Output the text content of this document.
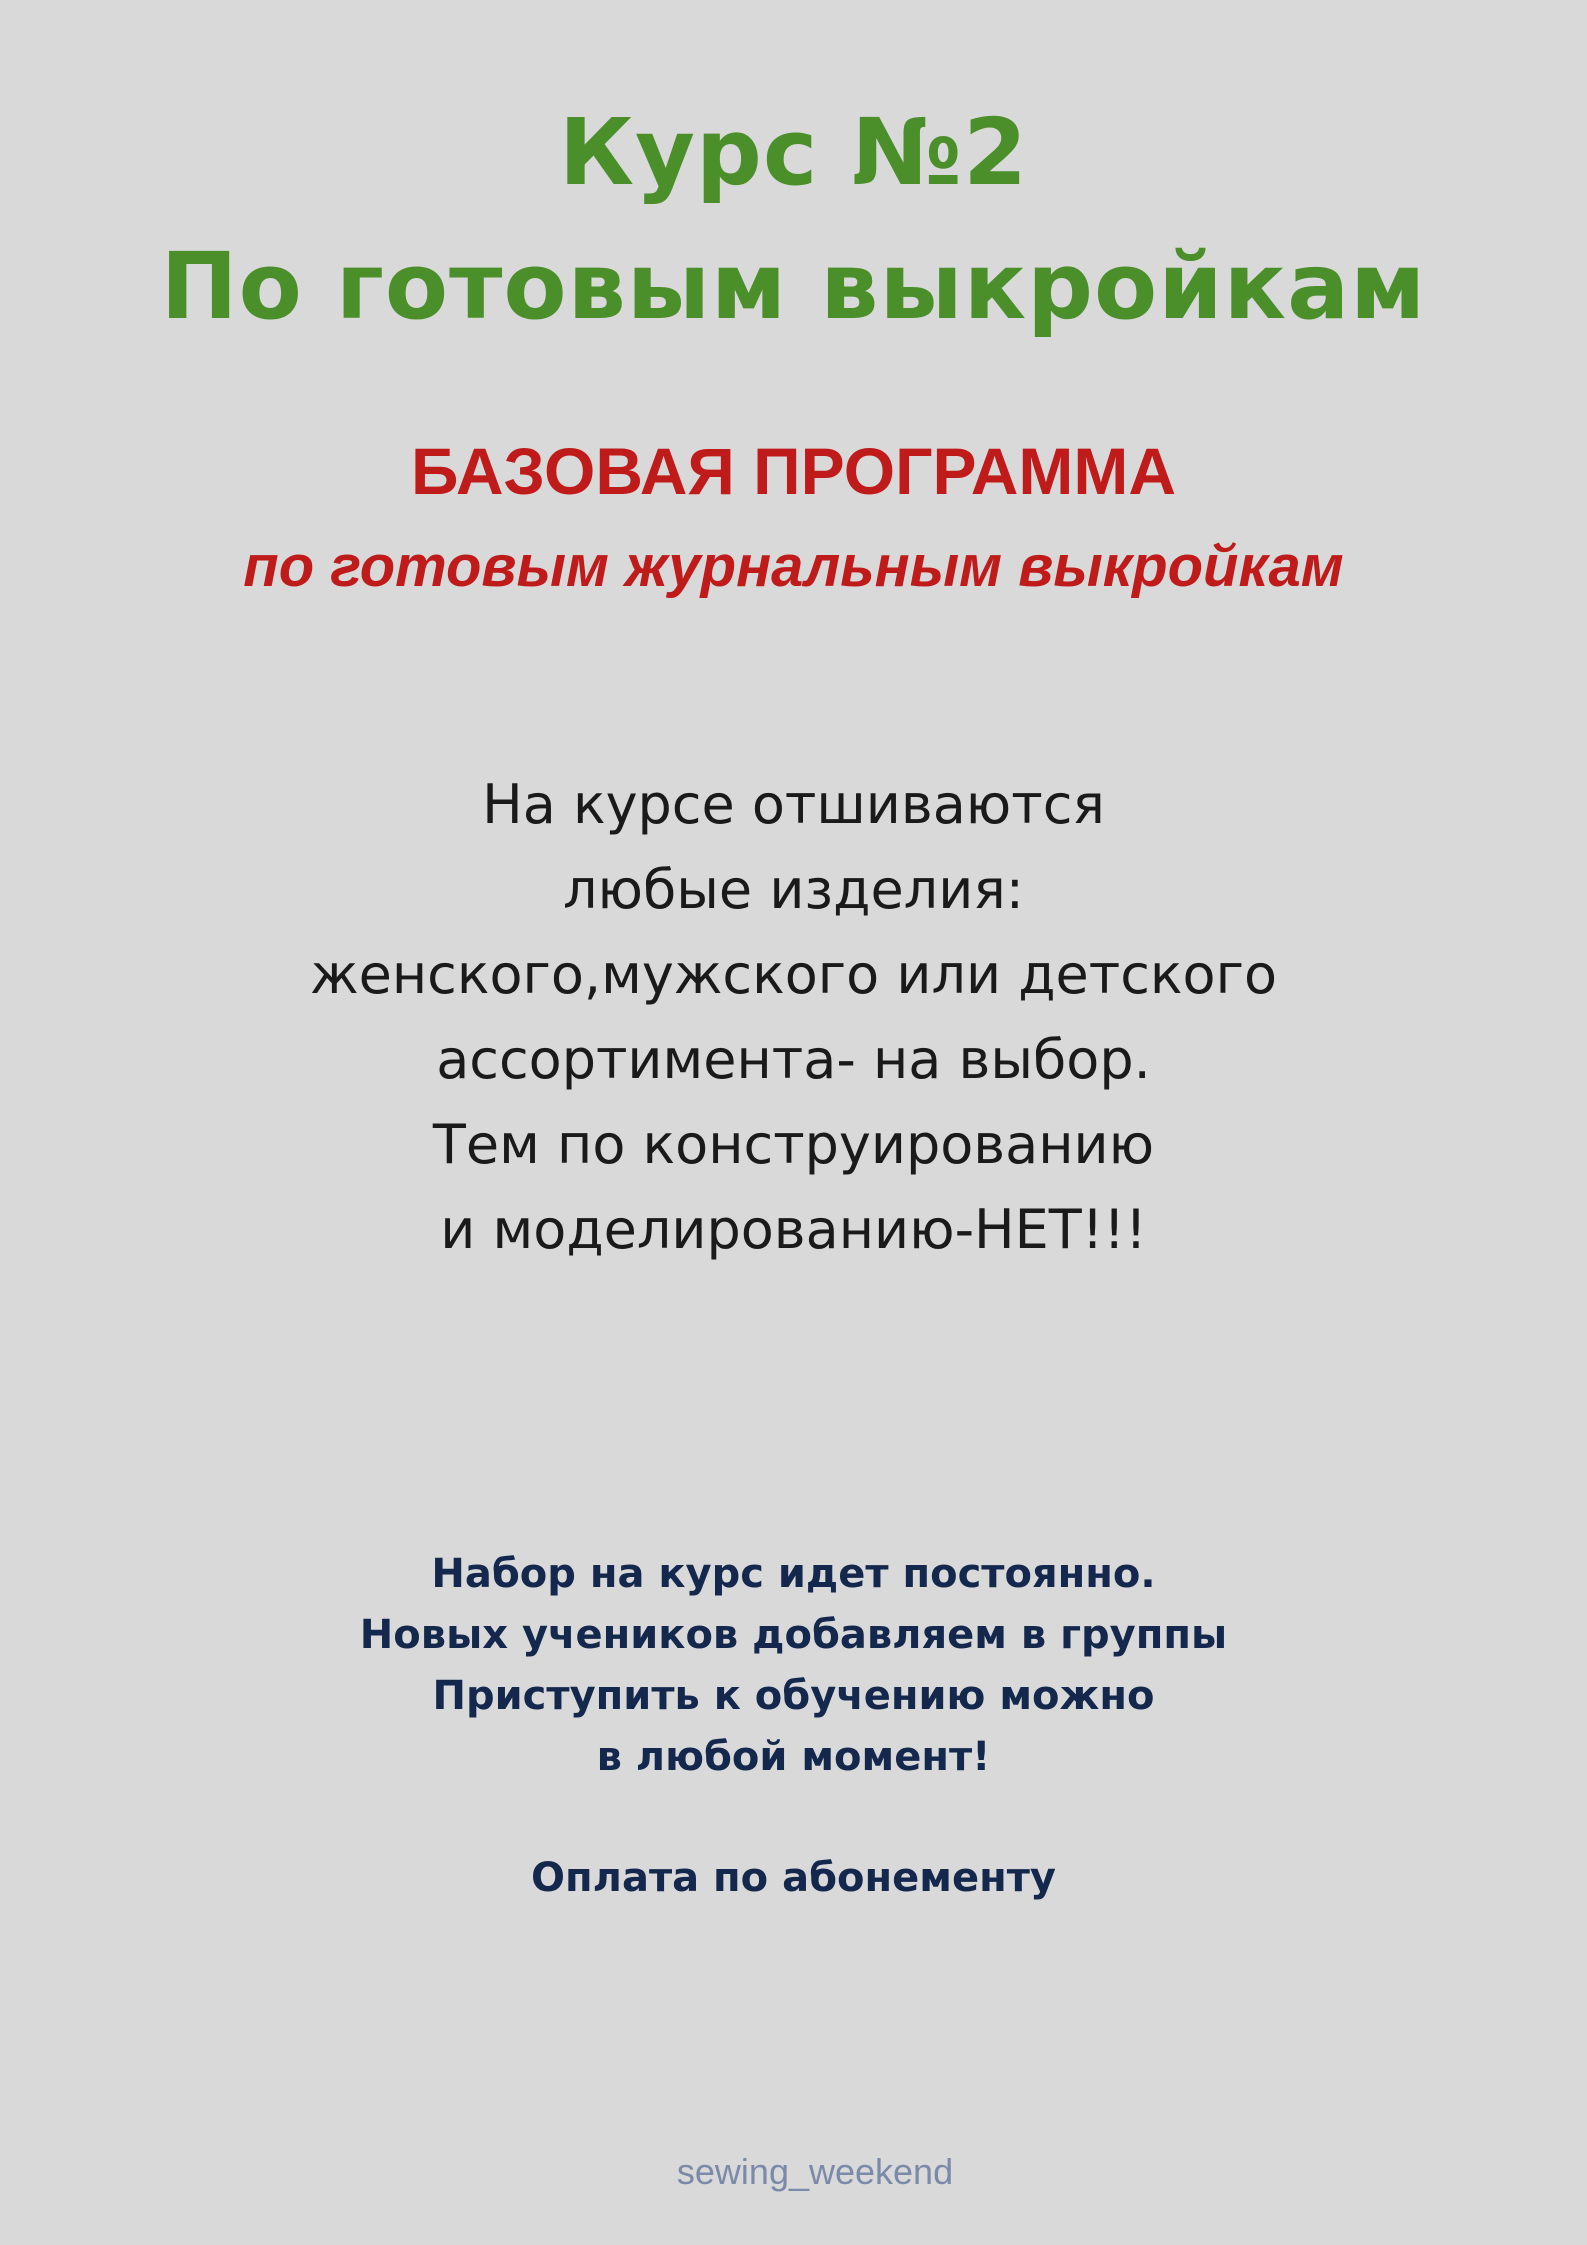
Курс №2
По готовым выкройкам
БАЗОВАЯ ПРОГРАММА
по готовым журнальным выкройкам
На курсе отшиваются
любые изделия:
женского,мужского или детского
ассортимента- на выбор.
Тем по конструированию
и моделированию-НЕТ!!!
Набор на курс идет постоянно.
Новых учеников добавляем в группы
Приступить к обучению можно
в любой момент!
Оплата по абонементу
sewing_weekend
